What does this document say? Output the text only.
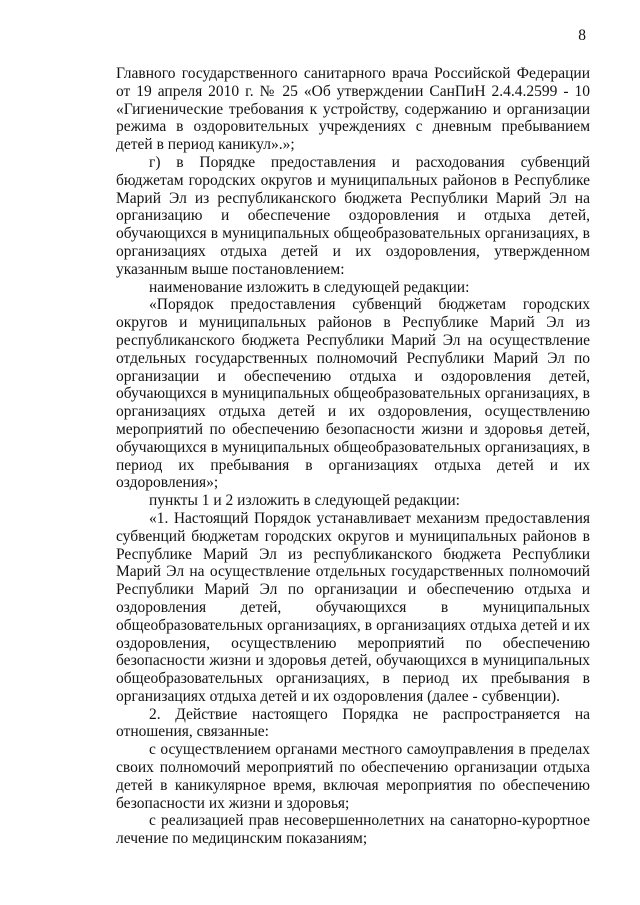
8

Главного государственного санитарного врача Российской Федерации от 19 апреля 2010 г. № 25 «Об утверждении СанПиН 2.4.4.2599 - 10 «Гигиенические требования к устройству, содержанию и организации режима в оздоровительных учреждениях с дневным пребыванием детей в период каникул».»;

г) в Порядке предоставления и расходования субвенций бюджетам городских округов и муниципальных районов в Республике Марий Эл из республиканского бюджета Республики Марий Эл на организацию и обеспечение оздоровления и отдыха детей, обучающихся в муниципальных общеобразовательных организациях, в организациях отдыха детей и их оздоровления, утвержденном указанным выше постановлением:

наименование изложить в следующей редакции:

«Порядок предоставления субвенций бюджетам городских округов и муниципальных районов в Республике Марий Эл из республиканского бюджета Республики Марий Эл на осуществление отдельных государственных полномочий Республики Марий Эл по организации и обеспечению отдыха и оздоровления детей, обучающихся в муниципальных общеобразовательных организациях, в организациях отдыха детей и их оздоровления, осуществлению мероприятий по обеспечению безопасности жизни и здоровья детей, обучающихся в муниципальных общеобразовательных организациях, в период их пребывания в организациях отдыха детей и их оздоровления»;

пункты 1 и 2 изложить в следующей редакции:

«1. Настоящий Порядок устанавливает механизм предоставления субвенций бюджетам городских округов и муниципальных районов в Республике Марий Эл из республиканского бюджета Республики Марий Эл на осуществление отдельных государственных полномочий Республики Марий Эл по организации и обеспечению отдыха и оздоровления детей, обучающихся в муниципальных общеобразовательных организациях, в организациях отдыха детей и их оздоровления, осуществлению мероприятий по обеспечению безопасности жизни и здоровья детей, обучающихся в муниципальных общеобразовательных организациях, в период их пребывания в организациях отдыха детей и их оздоровления (далее - субвенции).

2. Действие настоящего Порядка не распространяется на отношения, связанные:

с осуществлением органами местного самоуправления в пределах своих полномочий мероприятий по обеспечению организации отдыха детей в каникулярное время, включая мероприятия по обеспечению безопасности их жизни и здоровья;

с реализацией прав несовершеннолетних на санаторно-курортное лечение по медицинским показаниям;
